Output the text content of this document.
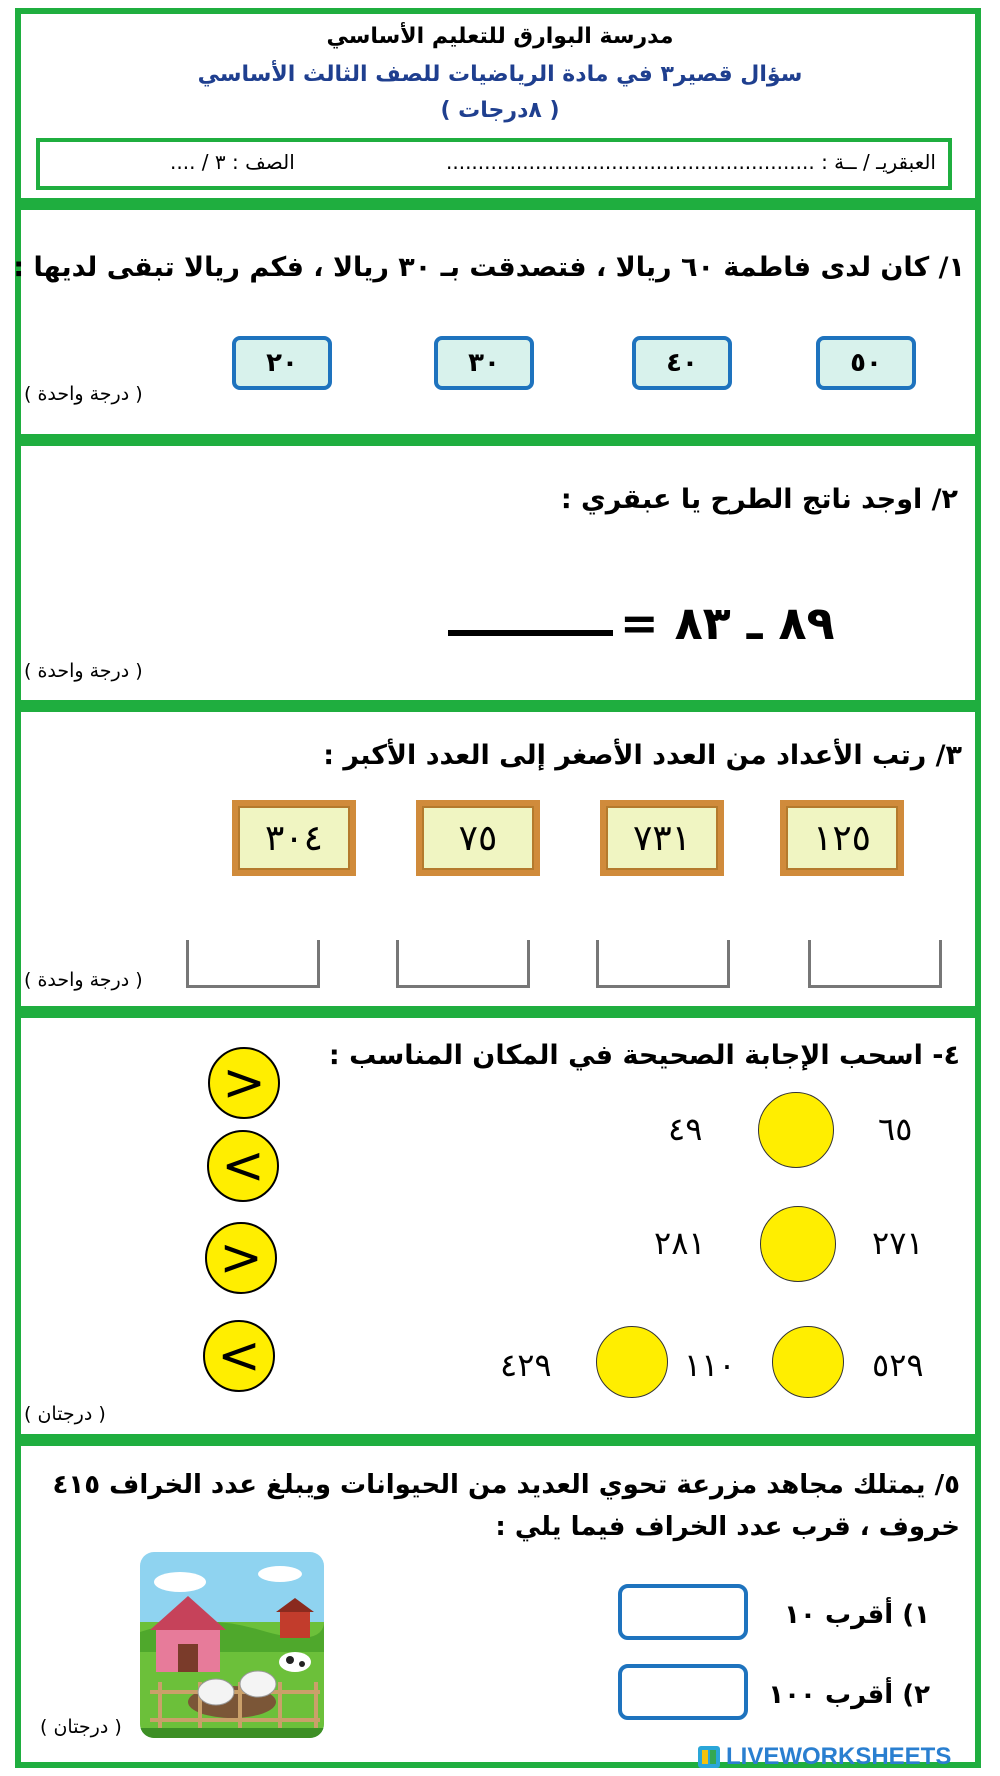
مدرسة البوارق للتعليم الأساسي
سؤال قصير٣ في مادة الرياضيات للصف الثالث الأساسي
( ٨درجات )
العبقريـ / ــة : ..........................................................
الصف : ٣ / ....
١/ كان لدى فاطمة ٦٠ ريالا ، فتصدقت بـ ٣٠ ريالا ، فكم ريالا تبقى لديها :
٥٠
٤٠
٣٠
٢٠
( درجة واحدة )
٢/ اوجد ناتج الطرح يا عبقري :
٨٩ ـ ٨٣ =
( درجة واحدة )
٣/ رتب الأعداد من العدد الأصغر إلى العدد الأكبر :
١٢٥
٧٣١
٧٥
٣٠٤
( درجة واحدة )
٤- اسحب الإجابة الصحيحة في المكان المناسب :
>
<
>
<
٦٥
٤٩
٢٧١
٢٨١
٥٢٩
١١٠
٤٢٩
( درجتان )
٥/ يمتلك مجاهد مزرعة تحوي العديد من الحيوانات ويبلغ عدد الخراف ٤١٥
خروف ، قرب عدد الخراف فيما يلي :
١) أقرب ١٠
٢) أقرب ١٠٠
( درجتان )
LIVEWORKSHEETS
